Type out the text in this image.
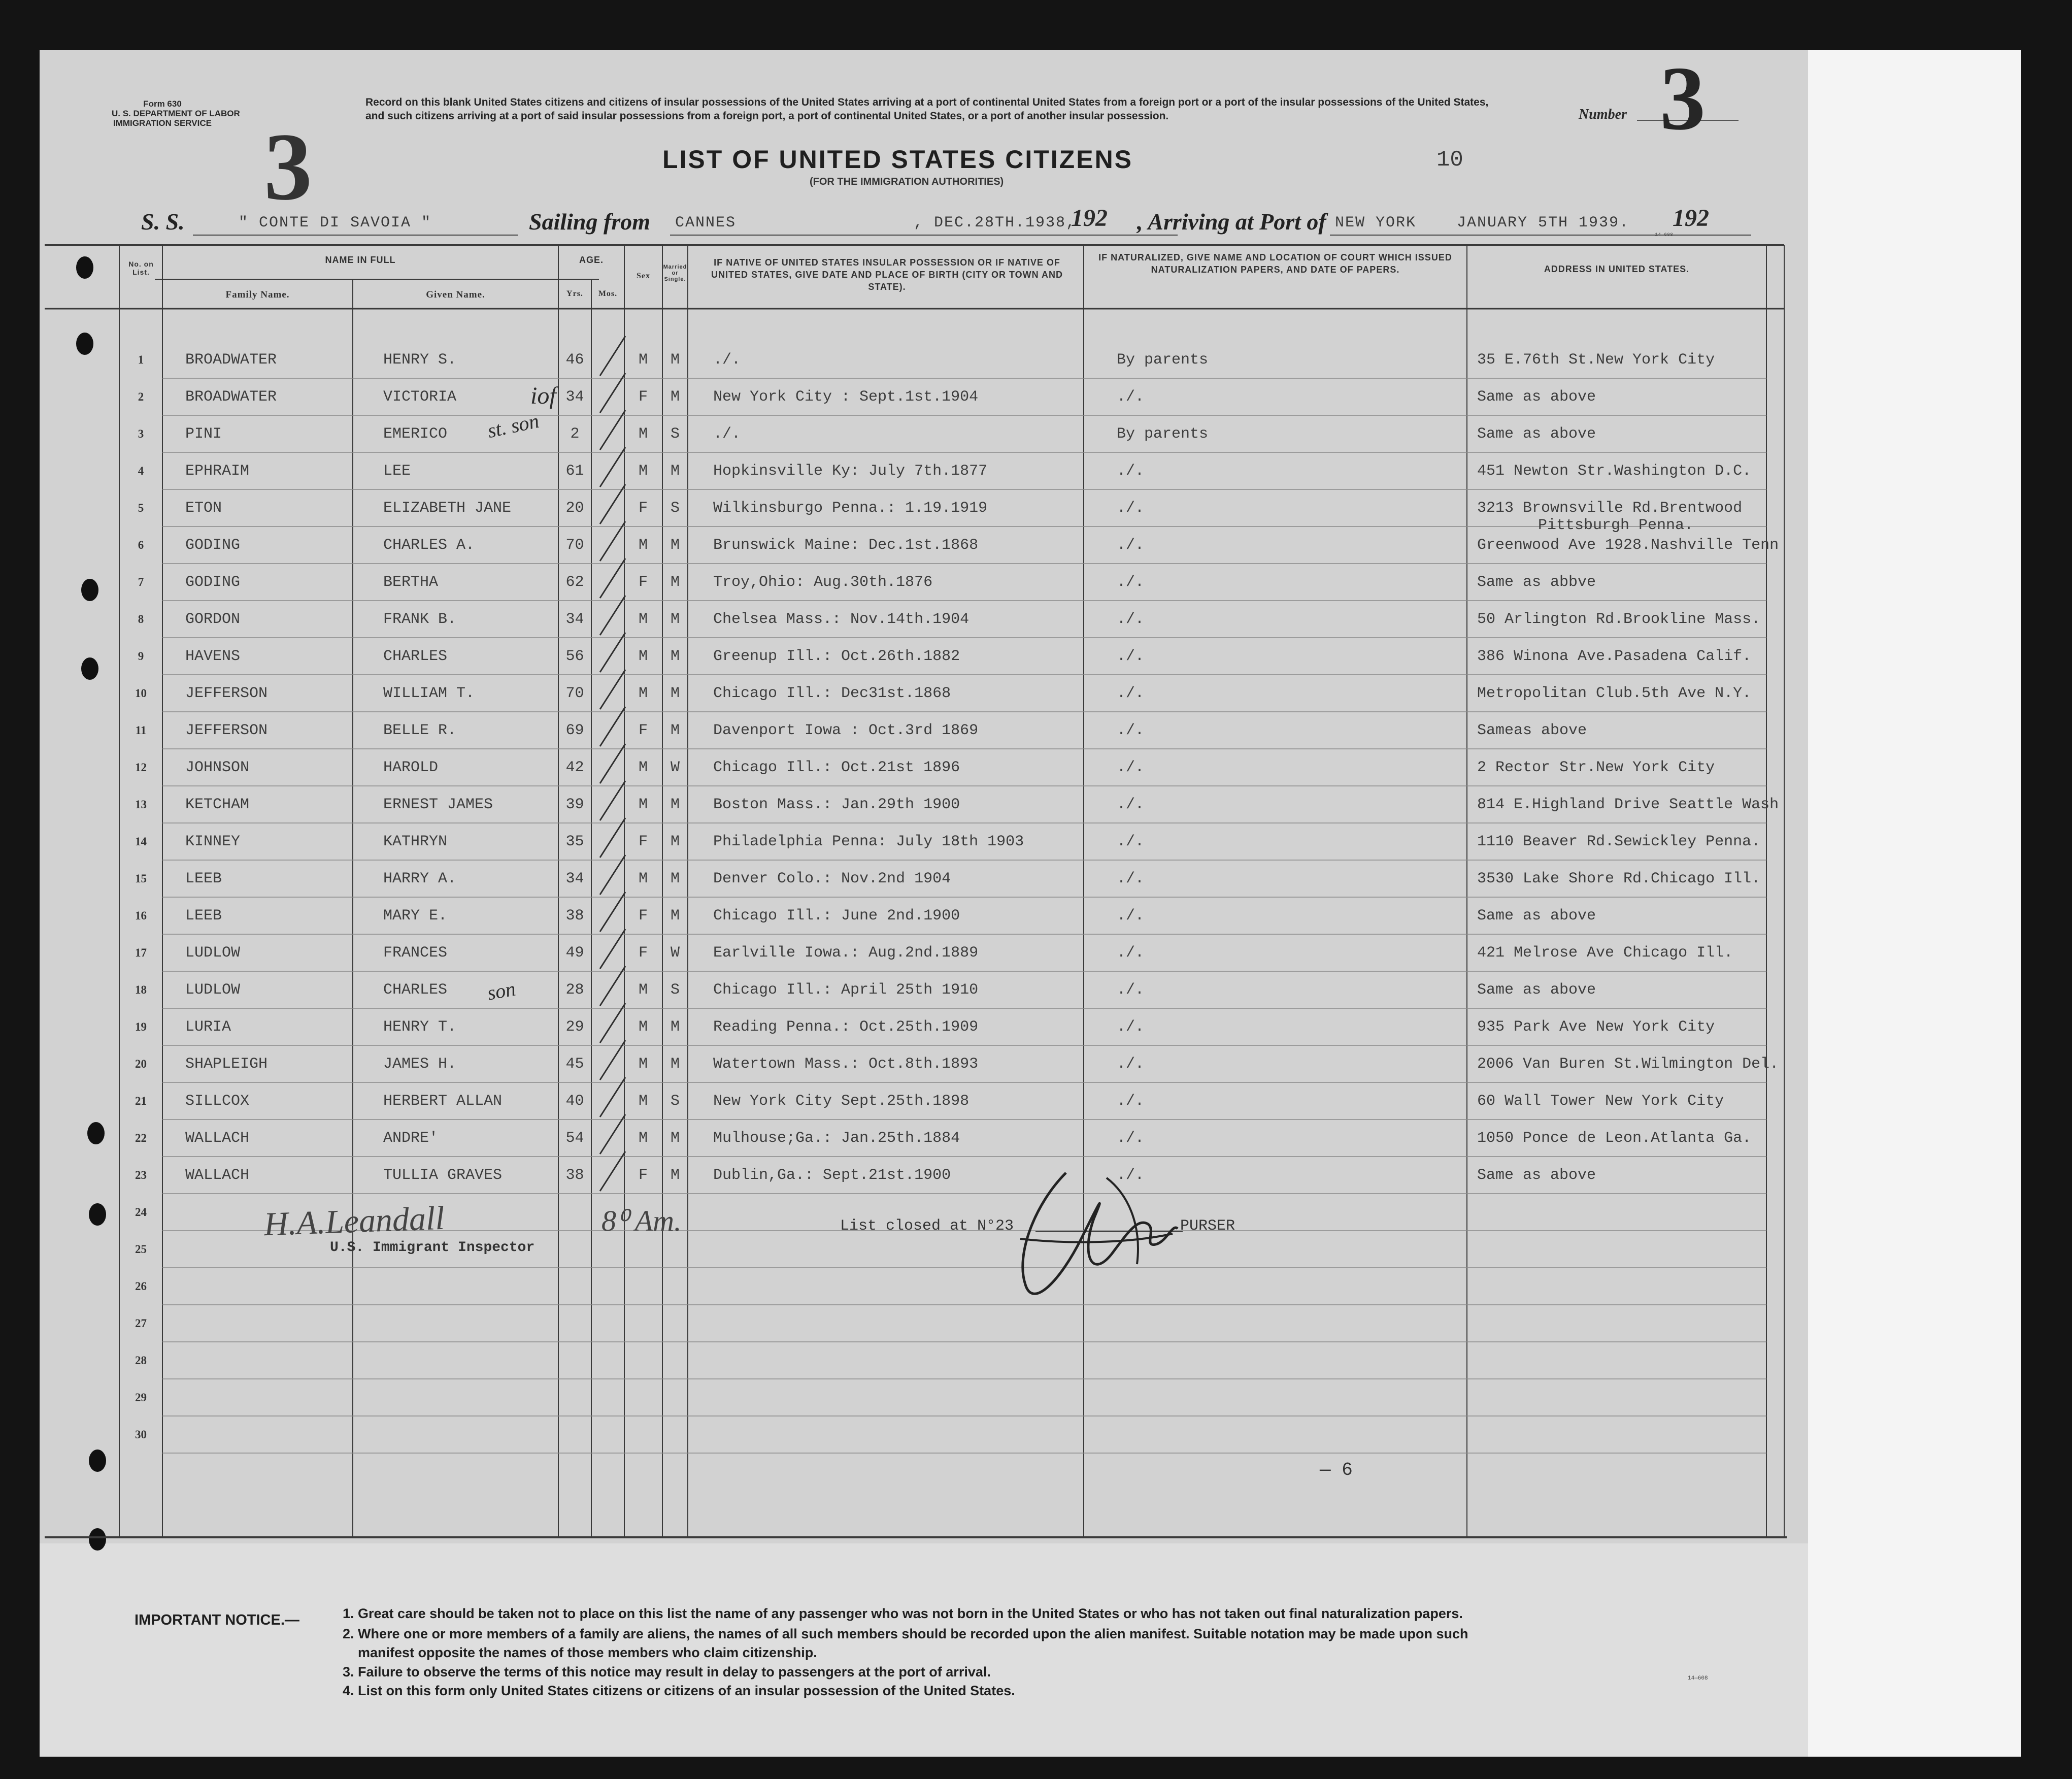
Form 630
U. S. DEPARTMENT OF LABOR
IMMIGRATION SERVICE 3
Record on this blank United States citizens and citizens of insular possessions of the United States arriving at a port of continental United States from a foreign port or a port of the insular possessions of the United States, and such citizens arriving at a port of said insular possessions from a foreign port, a port of continental United States, or a port of another insular possession.
LIST OF UNITED STATES CITIZENS
(FOR THE IMMIGRATION AUTHORITIES)
Number 3
10
S. S.	" CONTE DI SAVOIA "	Sailing from CANNES	, DEC.28TH.1938,
192 , Arriving at Port of NEW YORK	JANUARY 5TH 1939. 192
14—608
No. on List.
NAME IN FULL
Family Name.	Given Name.
AGE.
Yrs.	Mos.
Sex
Married or Single.
IF NATIVE OF UNITED STATES INSULAR POSSESSION OR IF NATIVE OF UNITED STATES, GIVE DATE AND PLACE OF BIRTH (CITY OR TOWN AND STATE).
IF NATURALIZED, GIVE NAME AND LOCATION OF COURT WHICH ISSUED NATURALIZATION PAPERS, AND DATE OF PAPERS.	ADDRESS IN UNITED STATES.
1	BROADWATER	HENRY S.	46	M	M	./.	By parents	35 E.76th St.New York City
2	BROADWATER	VICTORIA	34	F	M	New York City : Sept.1st.1904	./.	Same as above
3	PINI	EMERICO	2	M	S	./.	By parents	Same as above
4	EPHRAIM	LEE	61	M	M	Hopkinsville Ky: July 7th.1877	./.	451 Newton Str.Washington D.C.
5	ETON	ELIZABETH JANE	20	F	S	Wilkinsburgo Penna.: 1.19.1919	./.	3213 Brownsville Rd.Brentwood
Pittsburgh Penna.
6	GODING	CHARLES A.	70	M	M	Brunswick Maine: Dec.1st.1868	./.	Greenwood Ave 1928.Nashville Tenn
7	GODING	BERTHA	62	F	M	Troy,Ohio: Aug.30th.1876	./.	Same as abbve
8	GORDON	FRANK B.	34	M	M	Chelsea Mass.: Nov.14th.1904	./.	50 Arlington Rd.Brookline Mass.
9	HAVENS	CHARLES	56	M	M	Greenup Ill.: Oct.26th.1882	./.	386 Winona Ave.Pasadena Calif.
10	JEFFERSON	WILLIAM T.	70	M	M	Chicago Ill.: Dec31st.1868	./.	Metropolitan Club.5th Ave N.Y.
11	JEFFERSON	BELLE R.	69	F	M	Davenport Iowa : Oct.3rd 1869	./.	Sameas above
12	JOHNSON	HAROLD	42	M	W	Chicago Ill.: Oct.21st 1896	./.	2 Rector Str.New York City
13	KETCHAM	ERNEST JAMES	39	M	M	Boston Mass.: Jan.29th 1900	./.	814 E.Highland Drive Seattle Wash
14	KINNEY	KATHRYN	35	F	M	Philadelphia Penna: July 18th 1903	./.	1110 Beaver Rd.Sewickley Penna.
15	LEEB	HARRY A.	34	M	M	Denver Colo.: Nov.2nd 1904	./.	3530 Lake Shore Rd.Chicago Ill.
16	LEEB	MARY E.	38	F	M	Chicago Ill.: June 2nd.1900	./.	Same as above
17	LUDLOW	FRANCES	49	F	W	Earlville Iowa.: Aug.2nd.1889	./.	421 Melrose Ave Chicago Ill.
18	LUDLOW	CHARLES	28	M	S	Chicago Ill.: April 25th 1910	./.	Same as above
19	LURIA	HENRY T.	29	M	M	Reading Penna.: Oct.25th.1909	./.	935 Park Ave New York City
20	SHAPLEIGH	JAMES H.	45	M	M	Watertown Mass.: Oct.8th.1893	./.	2006 Van Buren St.Wilmington Del.
21	SILLCOX	HERBERT ALLAN	40	M	S	New York City Sept.25th.1898	./.	60 Wall Tower New York City
22	WALLACH	ANDRE'	54	M	M	Mulhouse;Ga.: Jan.25th.1884	./.	1050 Ponce de Leon.Atlanta Ga.
23	WALLACH	TULLIA GRAVES	38	F	M	Dublin,Ga.: Sept.21st.1900	./.	Same as above
24
25
26
27
28
29
30
H.A.Leandall	8⁰ Am.
U.S. Immigrant Inspector
List closed at N°23	PURSER
iof
st. son
son
— 6
IMPORTANT NOTICE.—	1. Great care should be taken not to place on this list the name of any passenger who was not born in the United States or who has not taken out final naturalization papers.
2. Where one or more members of a family are aliens, the names of all such members should be recorded upon the alien manifest. Suitable notation may be made upon such
manifest opposite the names of those members who claim citizenship.
3. Failure to observe the terms of this notice may result in delay to passengers at the port of arrival.
4. List on this form only United States citizens or citizens of an insular possession of the United States.
14—608
